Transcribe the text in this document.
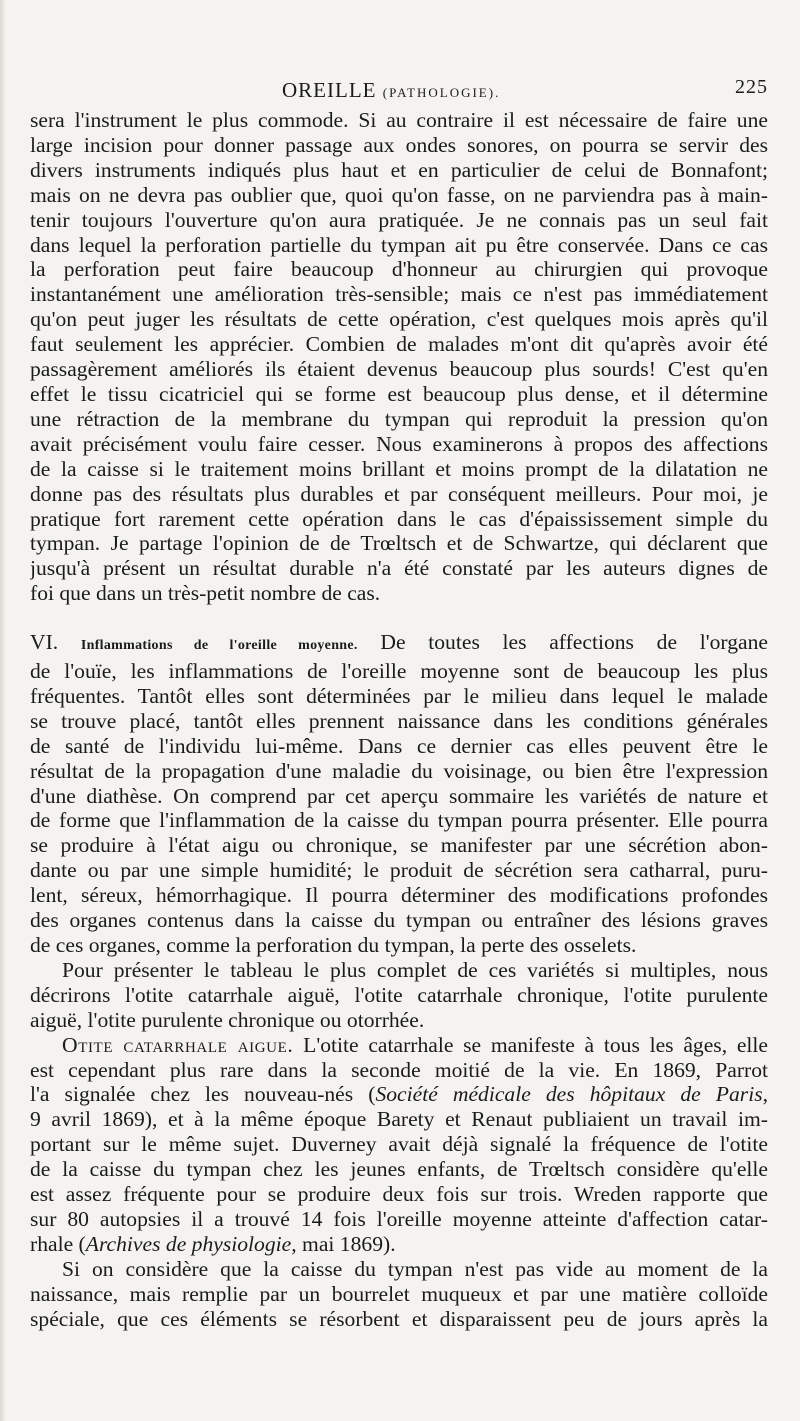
OREILLE (PATHOLOGIE).	225
sera l'instrument le plus commode. Si au contraire il est nécessaire de faire une
large incision pour donner passage aux ondes sonores, on pourra se servir des
divers instruments indiqués plus haut et en particulier de celui de Bonnafont;
mais on ne devra pas oublier que, quoi qu'on fasse, on ne parviendra pas à main-
tenir toujours l'ouverture qu'on aura pratiquée. Je ne connais pas un seul fait
dans lequel la perforation partielle du tympan ait pu être conservée. Dans ce cas
la perforation peut faire beaucoup d'honneur au chirurgien qui provoque
instantanément une amélioration très-sensible; mais ce n'est pas immédiatement
qu'on peut juger les résultats de cette opération, c'est quelques mois après qu'il
faut seulement les apprécier. Combien de malades m'ont dit qu'après avoir été
passagèrement améliorés ils étaient devenus beaucoup plus sourds! C'est qu'en
effet le tissu cicatriciel qui se forme est beaucoup plus dense, et il détermine
une rétraction de la membrane du tympan qui reproduit la pression qu'on
avait précisément voulu faire cesser. Nous examinerons à propos des affections
de la caisse si le traitement moins brillant et moins prompt de la dilatation ne
donne pas des résultats plus durables et par conséquent meilleurs. Pour moi, je
pratique fort rarement cette opération dans le cas d'épaississement simple du
tympan. Je partage l'opinion de de Trœltsch et de Schwartze, qui déclarent que
jusqu'à présent un résultat durable n'a été constaté par les auteurs dignes de
foi que dans un très-petit nombre de cas.
VI. Inflammations de l'oreille moyenne. De toutes les affections de l'organe
de l'ouïe, les inflammations de l'oreille moyenne sont de beaucoup les plus
fréquentes. Tantôt elles sont déterminées par le milieu dans lequel le malade
se trouve placé, tantôt elles prennent naissance dans les conditions générales
de santé de l'individu lui-même. Dans ce dernier cas elles peuvent être le
résultat de la propagation d'une maladie du voisinage, ou bien être l'expression
d'une diathèse. On comprend par cet aperçu sommaire les variétés de nature et
de forme que l'inflammation de la caisse du tympan pourra présenter. Elle pourra
se produire à l'état aigu ou chronique, se manifester par une sécrétion abon-
dante ou par une simple humidité; le produit de sécrétion sera catharral, puru-
lent, séreux, hémorrhagique. Il pourra déterminer des modifications profondes
des organes contenus dans la caisse du tympan ou entraîner des lésions graves
de ces organes, comme la perforation du tympan, la perte des osselets.
Pour présenter le tableau le plus complet de ces variétés si multiples, nous
décrirons l'otite catarrhale aiguë, l'otite catarrhale chronique, l'otite purulente
aiguë, l'otite purulente chronique ou otorrhée.
Otite catarrhale aigue. L'otite catarrhale se manifeste à tous les âges, elle
est cependant plus rare dans la seconde moitié de la vie. En 1869, Parrot
l'a signalée chez les nouveau-nés (Société médicale des hôpitaux de Paris,
9 avril 1869), et à la même époque Barety et Renaut publiaient un travail im-
portant sur le même sujet. Duverney avait déjà signalé la fréquence de l'otite
de la caisse du tympan chez les jeunes enfants, de Trœltsch considère qu'elle
est assez fréquente pour se produire deux fois sur trois. Wreden rapporte que
sur 80 autopsies il a trouvé 14 fois l'oreille moyenne atteinte d'affection catar-
rhale (Archives de physiologie, mai 1869).
Si on considère que la caisse du tympan n'est pas vide au moment de la
naissance, mais remplie par un bourrelet muqueux et par une matière colloïde
spéciale, que ces éléments se résorbent et disparaissent peu de jours après la
